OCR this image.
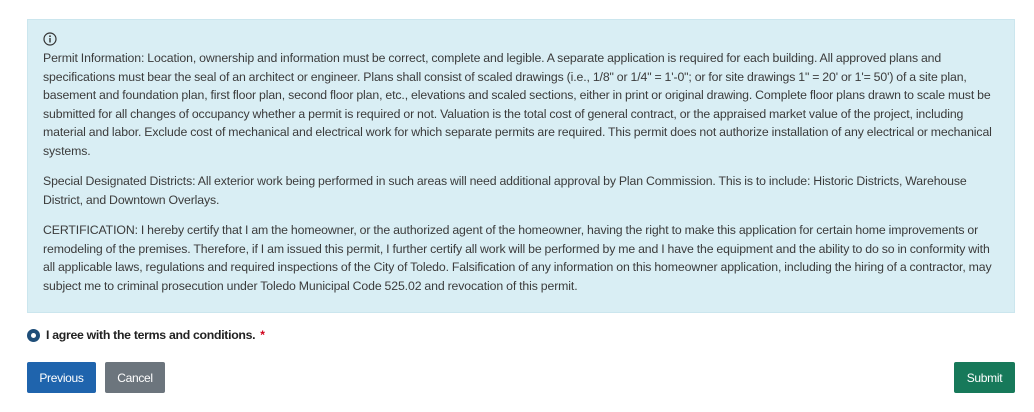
Permit Information: Location, ownership and information must be correct, complete and legible. A separate application is required for each building. All approved plans and specifications must bear the seal of an architect or engineer. Plans shall consist of scaled drawings (i.e., 1/8" or 1/4" = 1'-0"; or for site drawings 1" = 20' or 1'= 50') of a site plan, basement and foundation plan, first floor plan, second floor plan, etc., elevations and scaled sections, either in print or original drawing. Complete floor plans drawn to scale must be submitted for all changes of occupancy whether a permit is required or not. Valuation is the total cost of general contract, or the appraised market value of the project, including material and labor. Exclude cost of mechanical and electrical work for which separate permits are required. This permit does not authorize installation of any electrical or mechanical systems.

Special Designated Districts: All exterior work being performed in such areas will need additional approval by Plan Commission. This is to include: Historic Districts, Warehouse District, and Downtown Overlays.

CERTIFICATION: I hereby certify that I am the homeowner, or the authorized agent of the homeowner, having the right to make this application for certain home improvements or remodeling of the premises. Therefore, if I am issued this permit, I further certify all work will be performed by me and I have the equipment and the ability to do so in conformity with all applicable laws, regulations and required inspections of the City of Toledo. Falsification of any information on this homeowner application, including the hiring of a contractor, may subject me to criminal prosecution under Toledo Municipal Code 525.02 and revocation of this permit.

I agree with the terms and conditions. *
Previous	Cancel	Submit
